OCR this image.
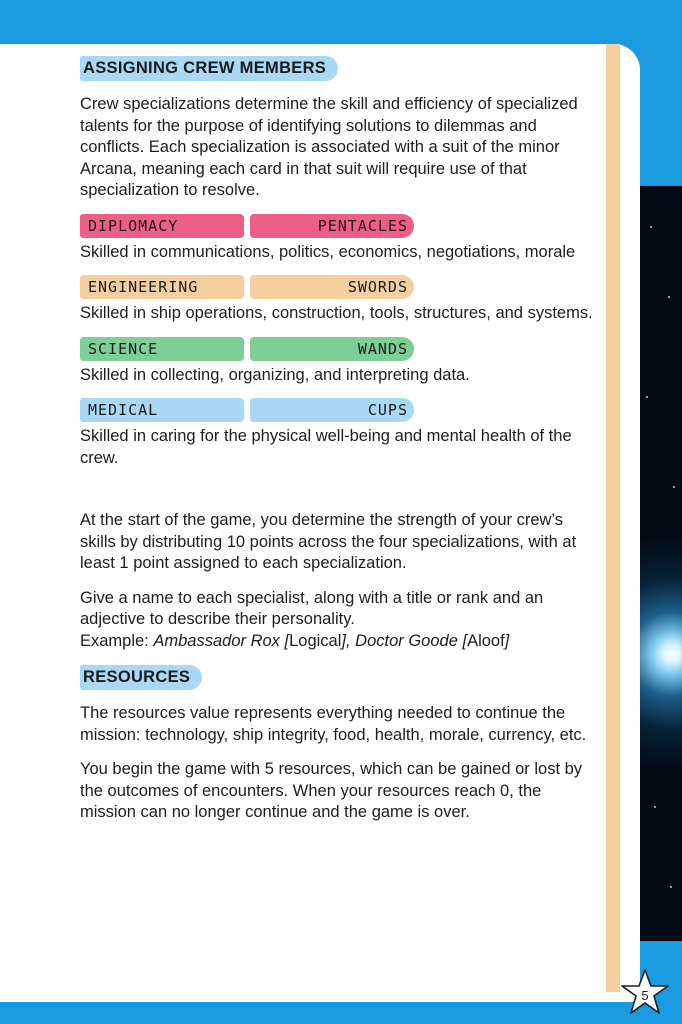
ASSIGNING CREW MEMBERS

Crew specializations determine the skill and efficiency of specialized talents for the purpose of identifying solutions to dilemmas and conflicts. Each specialization is associated with a suit of the minor Arcana, meaning each card in that suit will require use of that specialization to resolve.

DIPLOMACY	PENTACLES

Skilled in communications, politics, economics, negotiations, morale

ENGINEERING	SWORDS

Skilled in ship operations, construction, tools, structures, and systems.

SCIENCE	WANDS

Skilled in collecting, organizing, and interpreting data.

MEDICAL	CUPS

Skilled in caring for the physical well-being and mental health of the crew.

At the start of the game, you determine the strength of your crew’s skills by distributing 10 points across the four specializations, with at least 1 point assigned to each specialization.

Give a name to each specialist, along with a title or rank and an adjective to describe their personality.
Example: Ambassador Rox [Logical], Doctor Goode [Aloof]

RESOURCES

The resources value represents everything needed to continue the mission: technology, ship integrity, food, health, morale, currency, etc.

You begin the game with 5 resources, which can be gained or lost by the outcomes of encounters. When your resources reach 0, the mission can no longer continue and the game is over.

5
